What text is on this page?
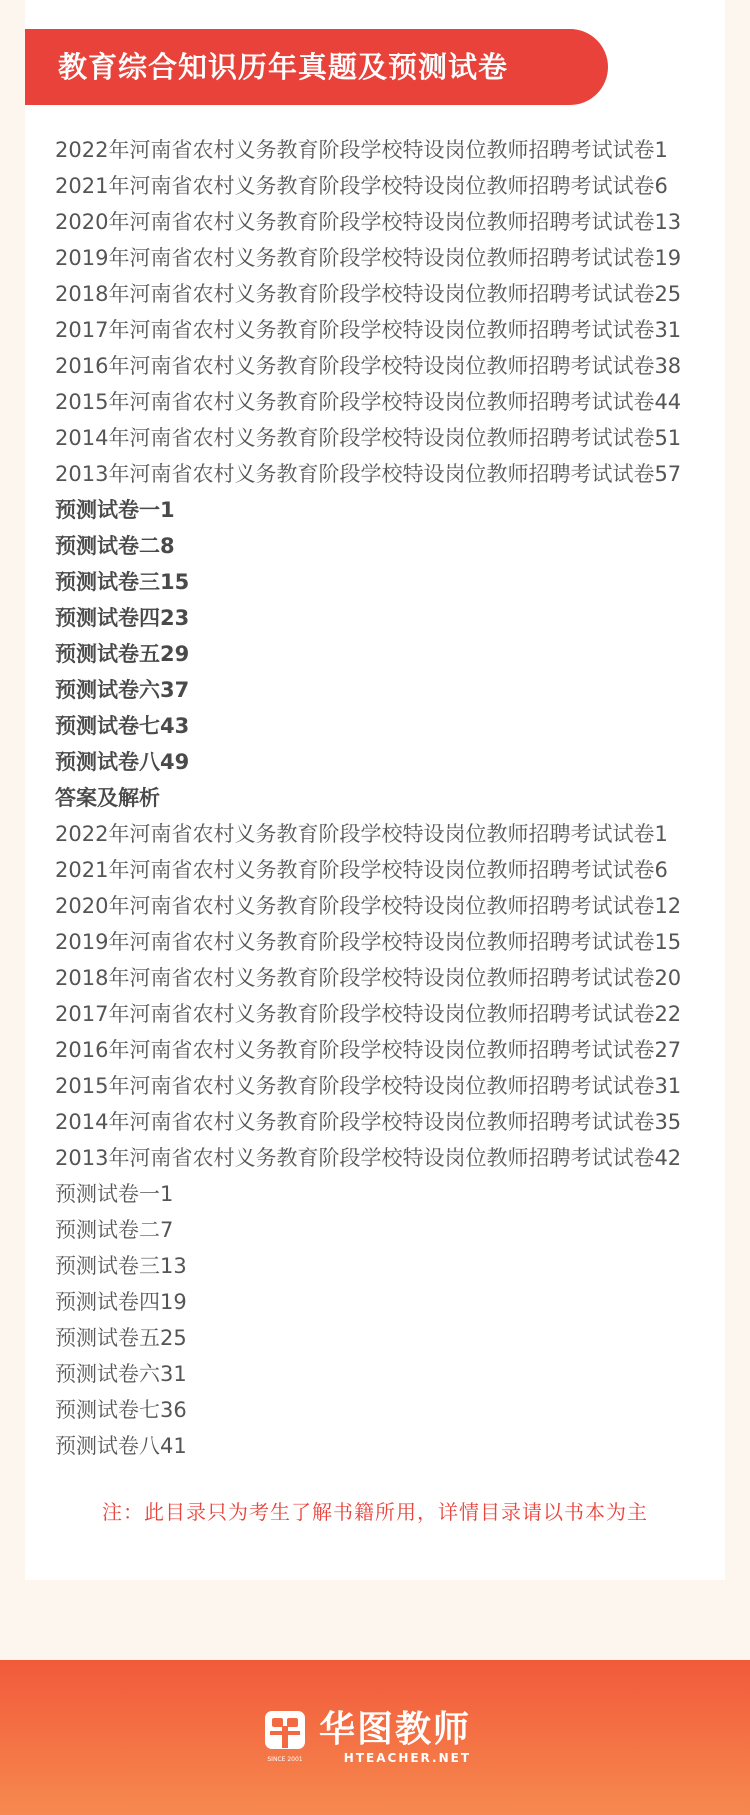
教育综合知识历年真题及预测试卷
2022年河南省农村义务教育阶段学校特设岗位教师招聘考试试卷1
2021年河南省农村义务教育阶段学校特设岗位教师招聘考试试卷6
2020年河南省农村义务教育阶段学校特设岗位教师招聘考试试卷13
2019年河南省农村义务教育阶段学校特设岗位教师招聘考试试卷19
2018年河南省农村义务教育阶段学校特设岗位教师招聘考试试卷25
2017年河南省农村义务教育阶段学校特设岗位教师招聘考试试卷31
2016年河南省农村义务教育阶段学校特设岗位教师招聘考试试卷38
2015年河南省农村义务教育阶段学校特设岗位教师招聘考试试卷44
2014年河南省农村义务教育阶段学校特设岗位教师招聘考试试卷51
2013年河南省农村义务教育阶段学校特设岗位教师招聘考试试卷57
预测试卷一1
预测试卷二8
预测试卷三15
预测试卷四23
预测试卷五29
预测试卷六37
预测试卷七43
预测试卷八49
答案及解析
2022年河南省农村义务教育阶段学校特设岗位教师招聘考试试卷1
2021年河南省农村义务教育阶段学校特设岗位教师招聘考试试卷6
2020年河南省农村义务教育阶段学校特设岗位教师招聘考试试卷12
2019年河南省农村义务教育阶段学校特设岗位教师招聘考试试卷15
2018年河南省农村义务教育阶段学校特设岗位教师招聘考试试卷20
2017年河南省农村义务教育阶段学校特设岗位教师招聘考试试卷22
2016年河南省农村义务教育阶段学校特设岗位教师招聘考试试卷27
2015年河南省农村义务教育阶段学校特设岗位教师招聘考试试卷31
2014年河南省农村义务教育阶段学校特设岗位教师招聘考试试卷35
2013年河南省农村义务教育阶段学校特设岗位教师招聘考试试卷42
预测试卷一1
预测试卷二7
预测试卷三13
预测试卷四19
预测试卷五25
预测试卷六31
预测试卷七36
预测试卷八41
注：此目录只为考生了解书籍所用，详情目录请以书本为主
SINCE 2001
华图教师
HTEACHER.NET
